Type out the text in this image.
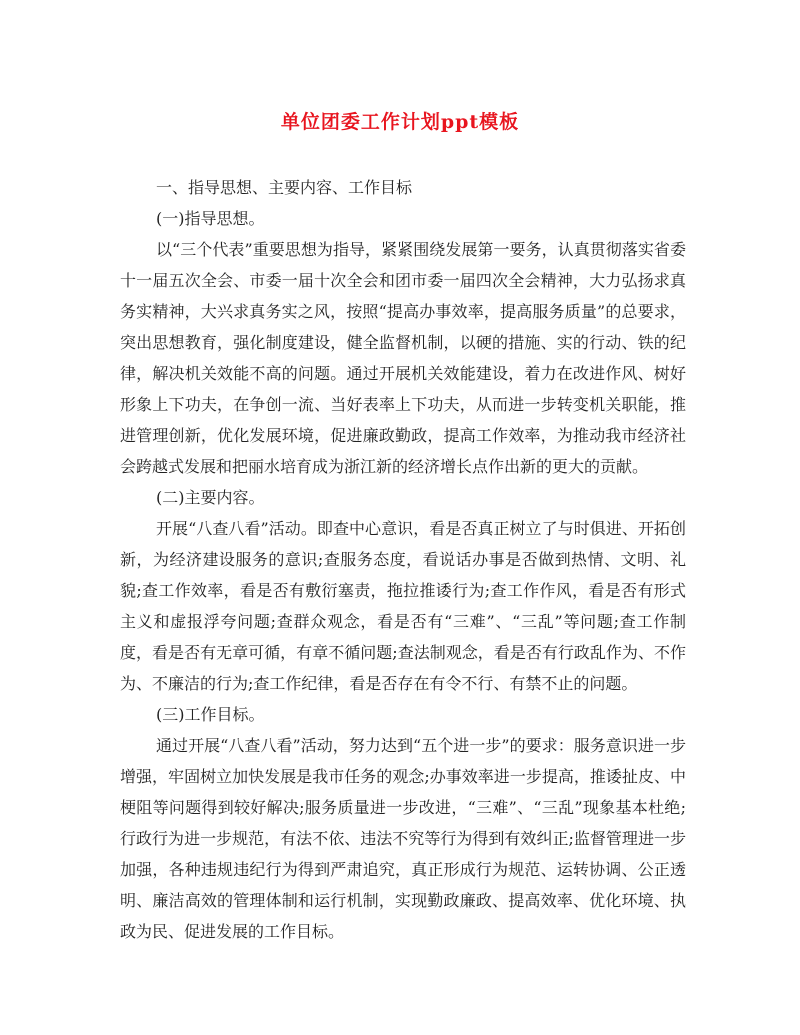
单位团委工作计划ppt模板

一、指导思想、主要内容、工作目标

(一)指导思想。

以“三个代表”重要思想为指导，紧紧围绕发展第一要务，认真贯彻落实省委十一届五次全会、市委一届十次全会和团市委一届四次全会精神，大力弘扬求真务实精神，大兴求真务实之风，按照“提高办事效率，提高服务质量”的总要求，突出思想教育，强化制度建设，健全监督机制，以硬的措施、实的行动、铁的纪律，解决机关效能不高的问题。通过开展机关效能建设，着力在改进作风、树好形象上下功夫，在争创一流、当好表率上下功夫，从而进一步转变机关职能，推进管理创新，优化发展环境，促进廉政勤政，提高工作效率，为推动我市经济社会跨越式发展和把丽水培育成为浙江新的经济增长点作出新的更大的贡献。

(二)主要内容。

开展“八查八看”活动。即查中心意识，看是否真正树立了与时俱进、开拓创新，为经济建设服务的意识;查服务态度，看说话办事是否做到热情、文明、礼貌;查工作效率，看是否有敷衍塞责，拖拉推诿行为;查工作作风，看是否有形式主义和虚报浮夸问题;查群众观念，看是否有“三难”、“三乱”等问题;查工作制度，看是否有无章可循，有章不循问题;查法制观念，看是否有行政乱作为、不作为、不廉洁的行为;查工作纪律，看是否存在有令不行、有禁不止的问题。

(三)工作目标。

通过开展“八查八看”活动，努力达到“五个进一步”的要求：服务意识进一步增强，牢固树立加快发展是我市任务的观念;办事效率进一步提高，推诿扯皮、中梗阻等问题得到较好解决;服务质量进一步改进，“三难”、“三乱”现象基本杜绝;行政行为进一步规范，有法不依、违法不究等行为得到有效纠正;监督管理进一步加强，各种违规违纪行为得到严肃追究，真正形成行为规范、运转协调、公正透明、廉洁高效的管理体制和运行机制，实现勤政廉政、提高效率、优化环境、执政为民、促进发展的工作目标。
